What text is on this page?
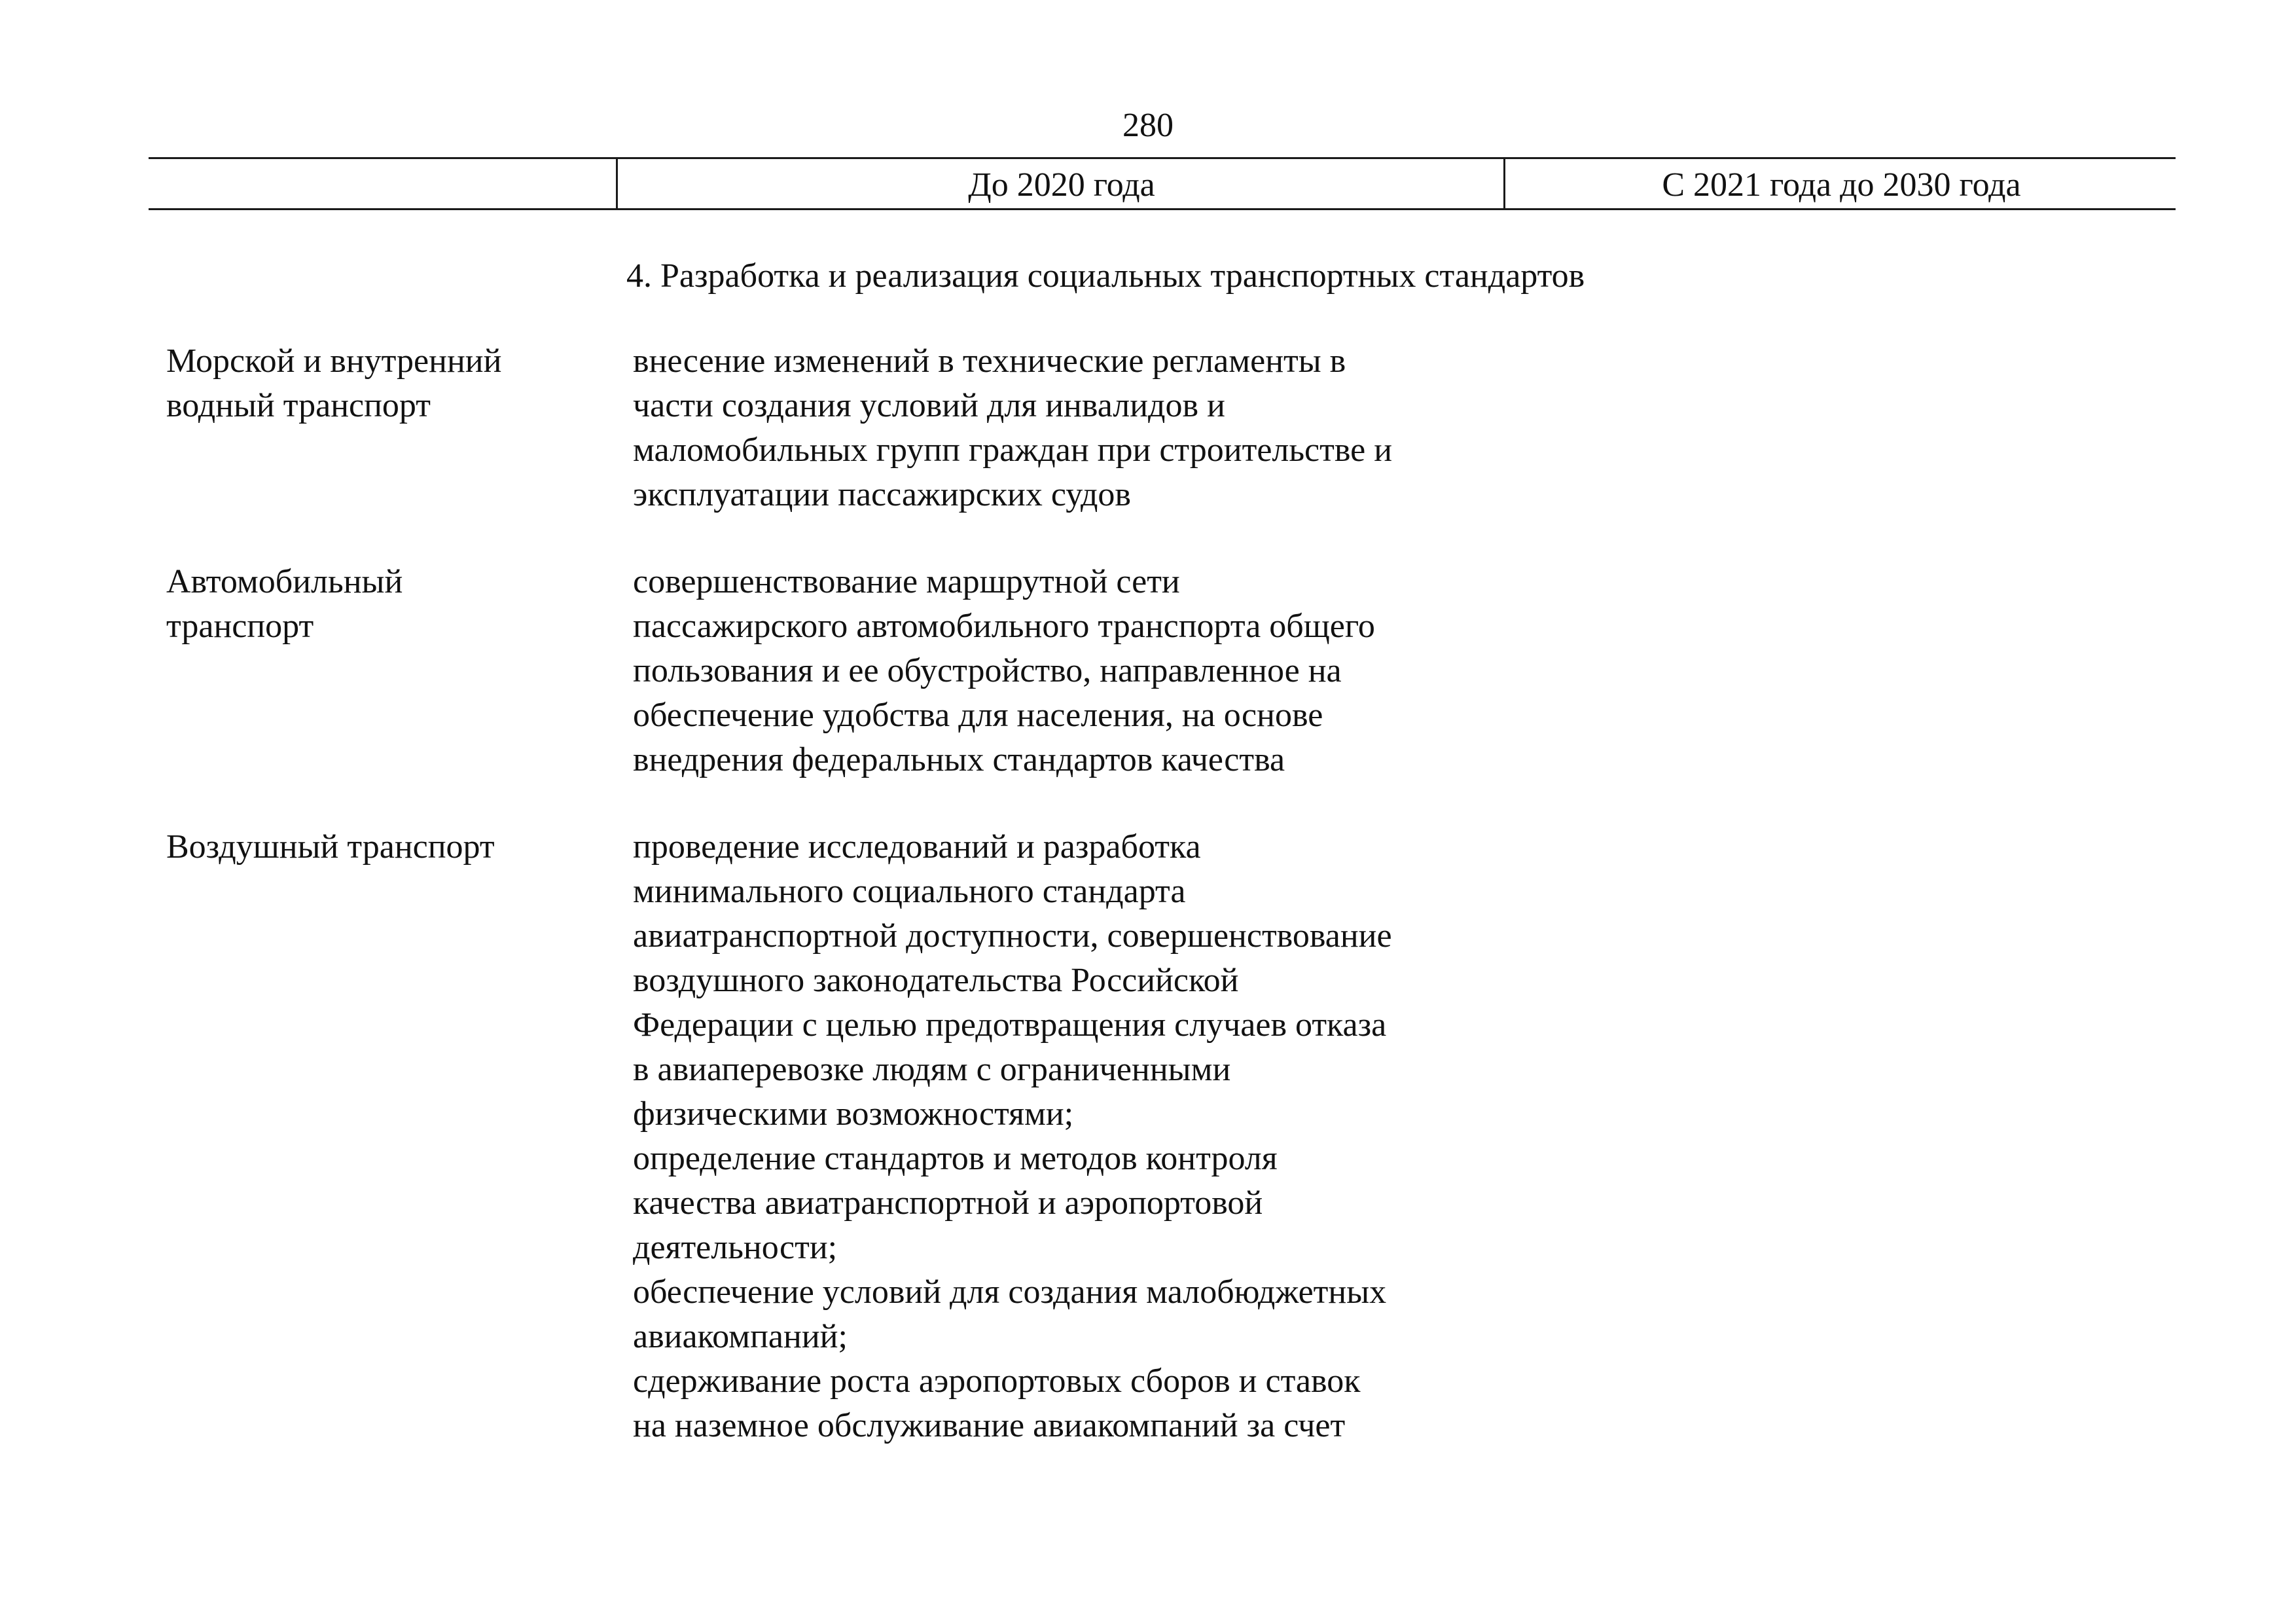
280
До 2020 года	С 2021 года до 2030 года
4. Разработка и реализация социальных транспортных стандартов
Морской и внутренний
водный транспорт
внесение изменений в технические регламенты в
части создания условий для инвалидов и
маломобильных групп граждан при строительстве и
эксплуатации пассажирских судов
Автомобильный
транспорт
совершенствование маршрутной сети
пассажирского автомобильного транспорта общего
пользования и ее обустройство, направленное на
обеспечение удобства для населения, на основе
внедрения федеральных стандартов качества
Воздушный транспорт	проведение исследований и разработка
минимального социального стандарта
авиатранспортной доступности, совершенствование
воздушного законодательства Российской
Федерации с целью предотвращения случаев отказа
в авиаперевозке людям с ограниченными
физическими возможностями;
определение стандартов и методов контроля
качества авиатранспортной и аэропортовой
деятельности;
обеспечение условий для создания малобюджетных
авиакомпаний;
сдерживание роста аэропортовых сборов и ставок
на наземное обслуживание авиакомпаний за счет
